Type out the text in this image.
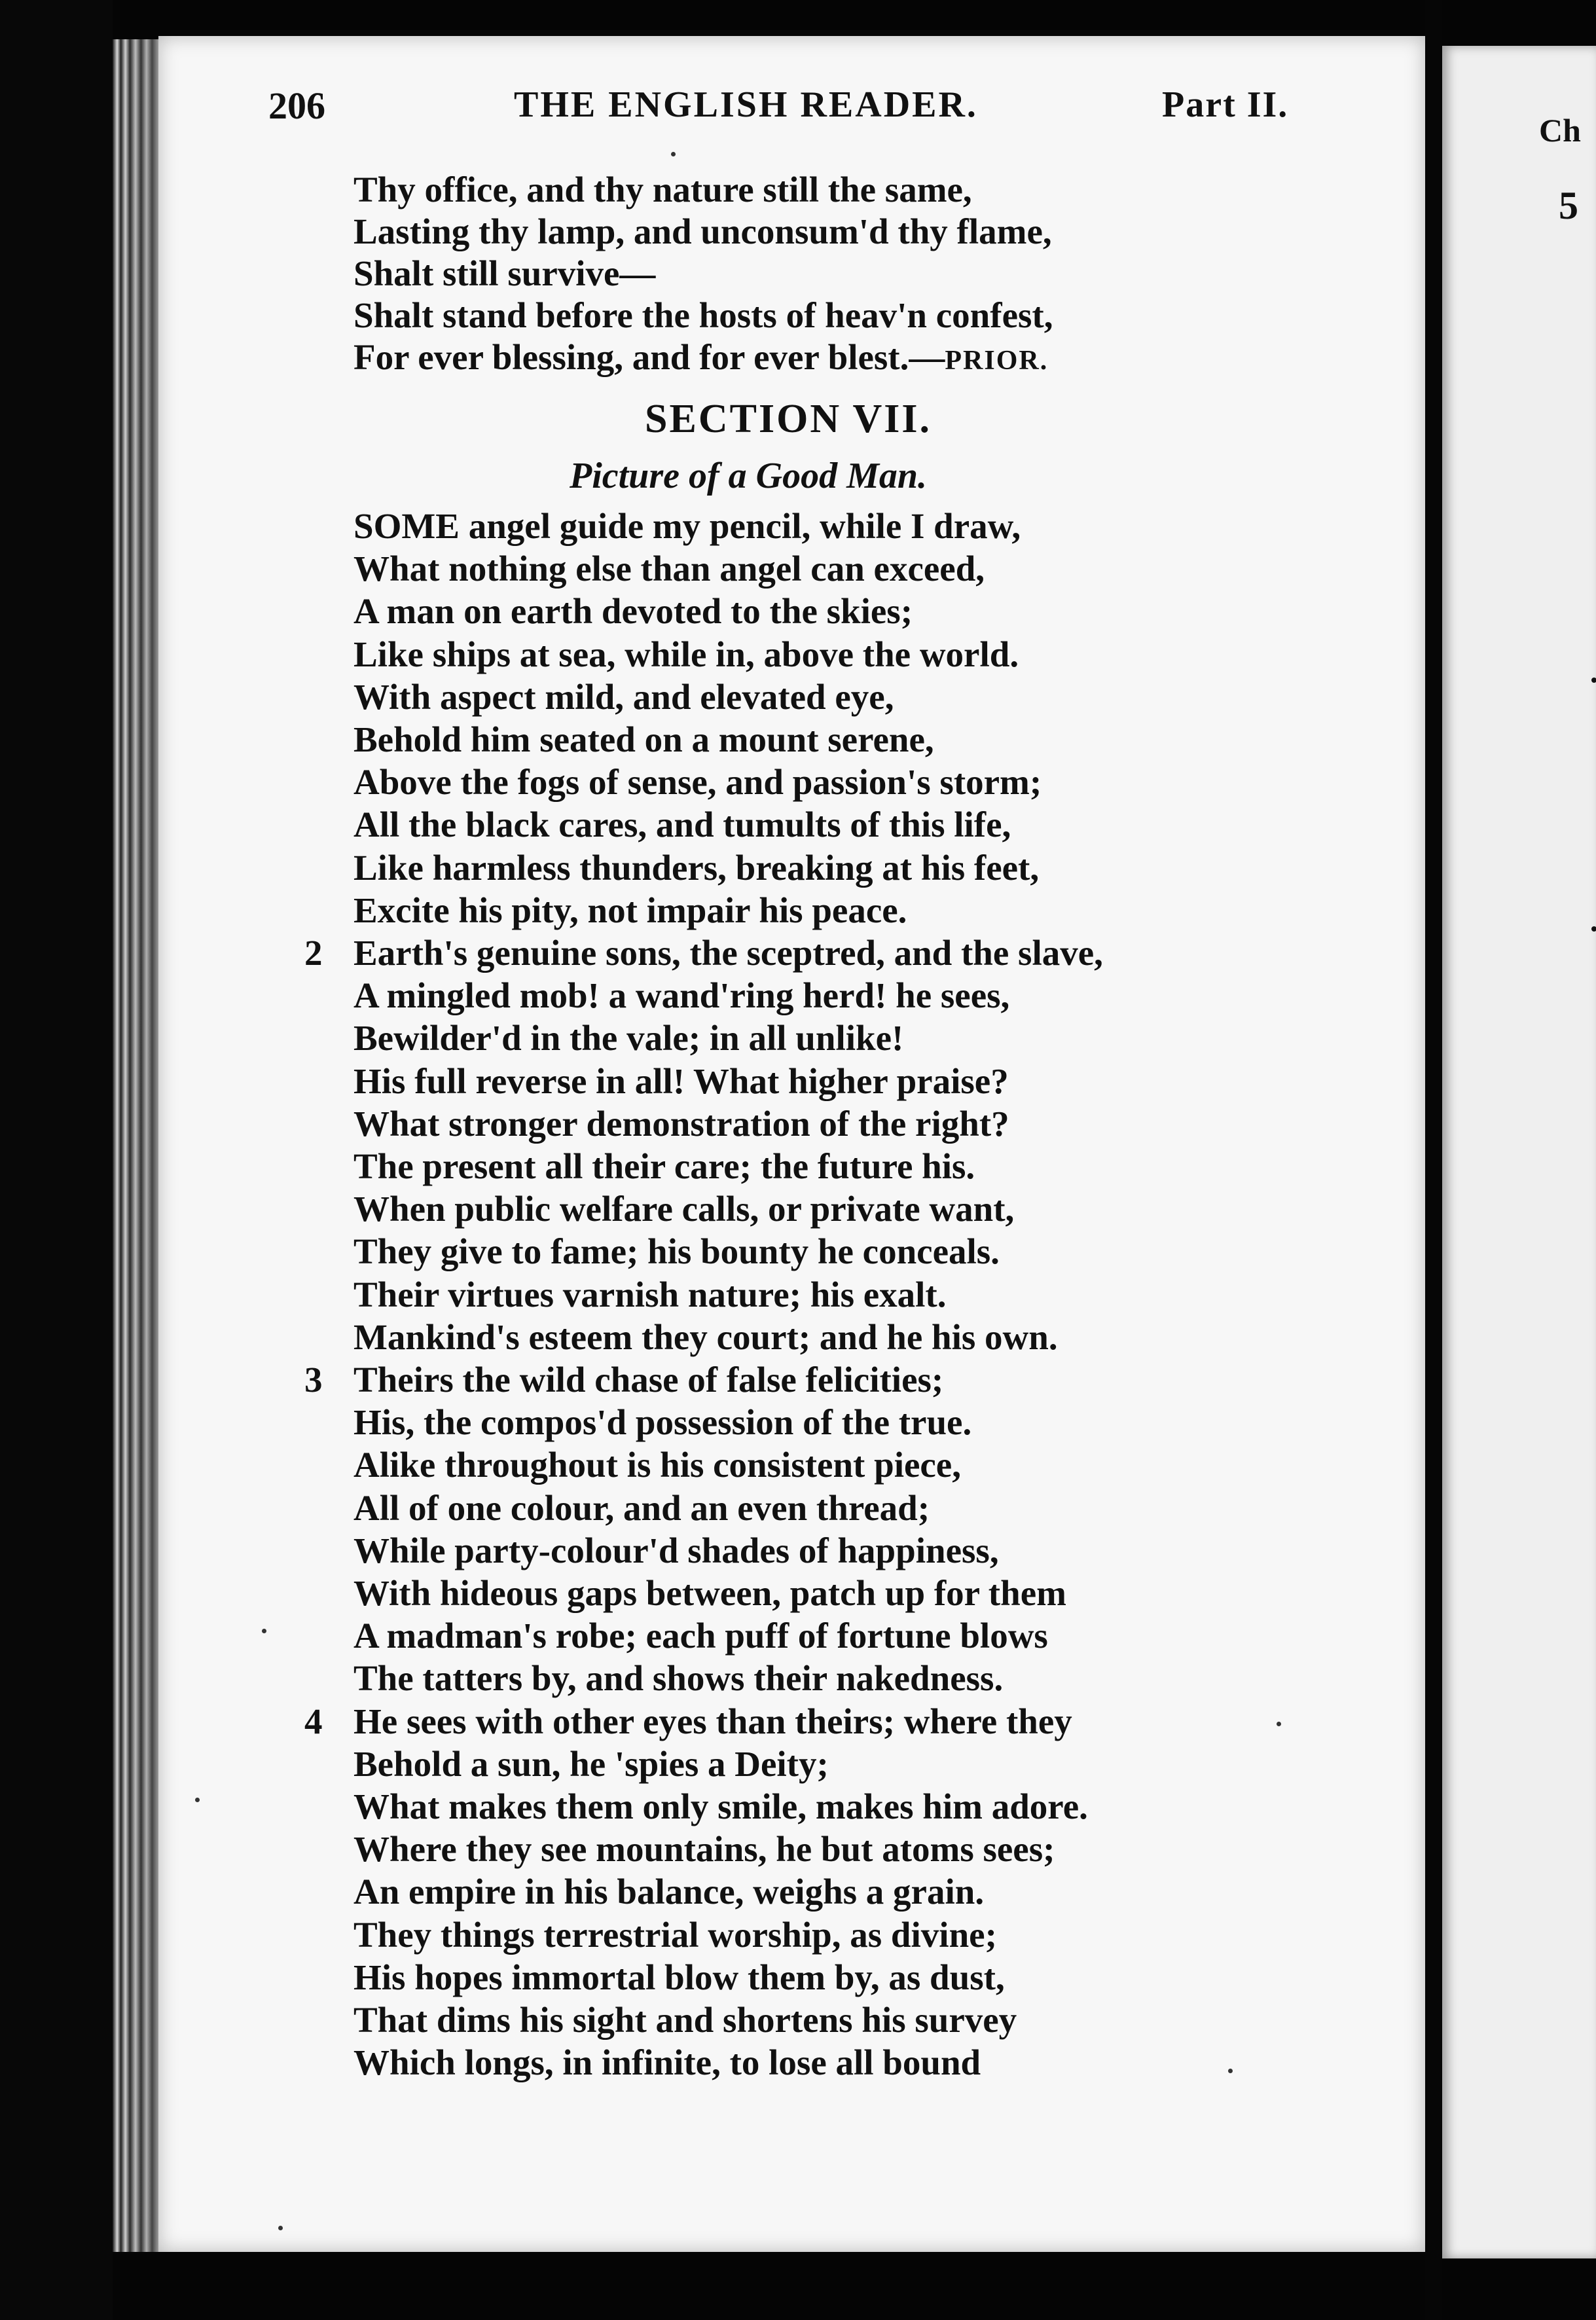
Ch
5
206	THE ENGLISH READER.	Part II.
Thy office, and thy nature still the same,
Lasting thy lamp, and unconsum'd thy flame,
Shalt still survive—
Shalt stand before the hosts of heav'n confest,
For ever blessing, and for ever blest.—PRIOR.
SECTION VII.
Picture of a Good Man.
SOME angel guide my pencil, while I draw,
What nothing else than angel can exceed,
A man on earth devoted to the skies;
Like ships at sea, while in, above the world.
With aspect mild, and elevated eye,
Behold him seated on a mount serene,
Above the fogs of sense, and passion's storm;
All the black cares, and tumults of this life,
Like harmless thunders, breaking at his feet,
Excite his pity, not impair his peace.
2 Earth's genuine sons, the sceptred, and the slave,
A mingled mob! a wand'ring herd! he sees,
Bewilder'd in the vale; in all unlike!
His full reverse in all! What higher praise?
What stronger demonstration of the right?
The present all their care; the future his.
When public welfare calls, or private want,
They give to fame; his bounty he conceals.
Their virtues varnish nature; his exalt.
Mankind's esteem they court; and he his own.
3 Theirs the wild chase of false felicities;
His, the compos'd possession of the true.
Alike throughout is his consistent piece,
All of one colour, and an even thread;
While party-colour'd shades of happiness,
With hideous gaps between, patch up for them
A madman's robe; each puff of fortune blows
The tatters by, and shows their nakedness.
4 He sees with other eyes than theirs; where they
Behold a sun, he 'spies a Deity;
What makes them only smile, makes him adore.
Where they see mountains, he but atoms sees;
An empire in his balance, weighs a grain.
They things terrestrial worship, as divine;
His hopes immortal blow them by, as dust,
That dims his sight and shortens his survey
Which longs, in infinite, to lose all bound
